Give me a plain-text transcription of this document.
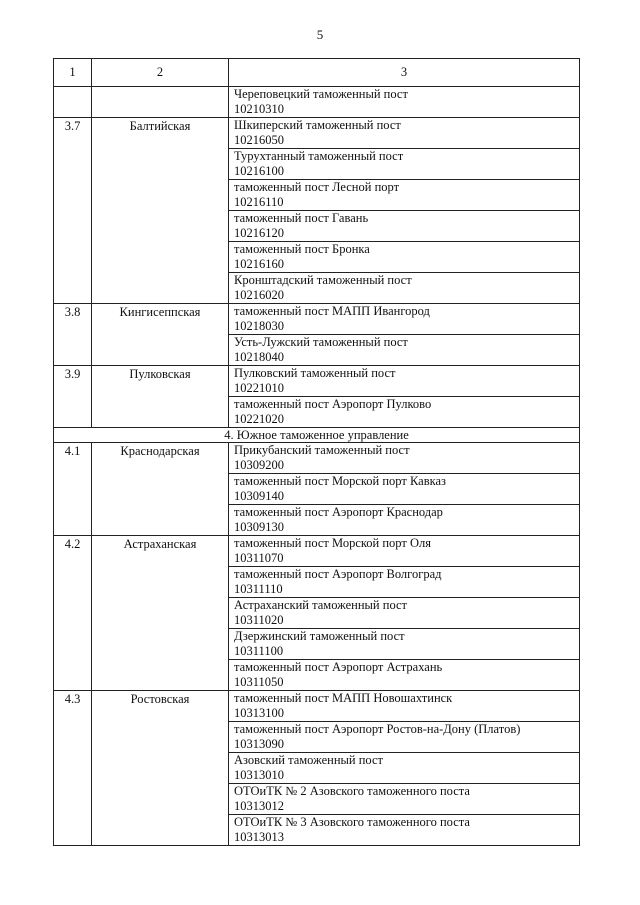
5
1	2	3

		Череповецкий таможенный пост
10210310

3.7	Балтийская	Шкиперский таможенный пост
10216050

		Турухтанный таможенный пост
10216100

		таможенный пост Лесной порт
10216110

		таможенный пост Гавань
10216120

		таможенный пост Бронка
10216160

		Кронштадский таможенный пост
10216020

3.8	Кингисеппская	таможенный пост МАПП Ивангород
10218030

		Усть-Лужский таможенный пост
10218040

3.9	Пулковская	Пулковский таможенный пост
10221010

		таможенный пост Аэропорт Пулково
10221020

4. Южное таможенное управление		
4.1	Краснодарская	Прикубанский таможенный пост
10309200

		таможенный пост Морской порт Кавказ
10309140

		таможенный пост Аэропорт Краснодар
10309130

4.2	Астраханская	таможенный пост Морской порт Оля
10311070

		таможенный пост Аэропорт Волгоград
10311110

		Астраханский таможенный пост
10311020

		Дзержинский таможенный пост
10311100

		таможенный пост Аэропорт Астрахань
10311050

4.3	Ростовская	таможенный пост МАПП Новошахтинск
10313100

		таможенный пост Аэропорт Ростов-на-Дону (Платов)
10313090

		Азовский таможенный пост
10313010

		ОТОиТК № 2 Азовского таможенного поста
10313012

		ОТОиТК № 3 Азовского таможенного поста
10313013
